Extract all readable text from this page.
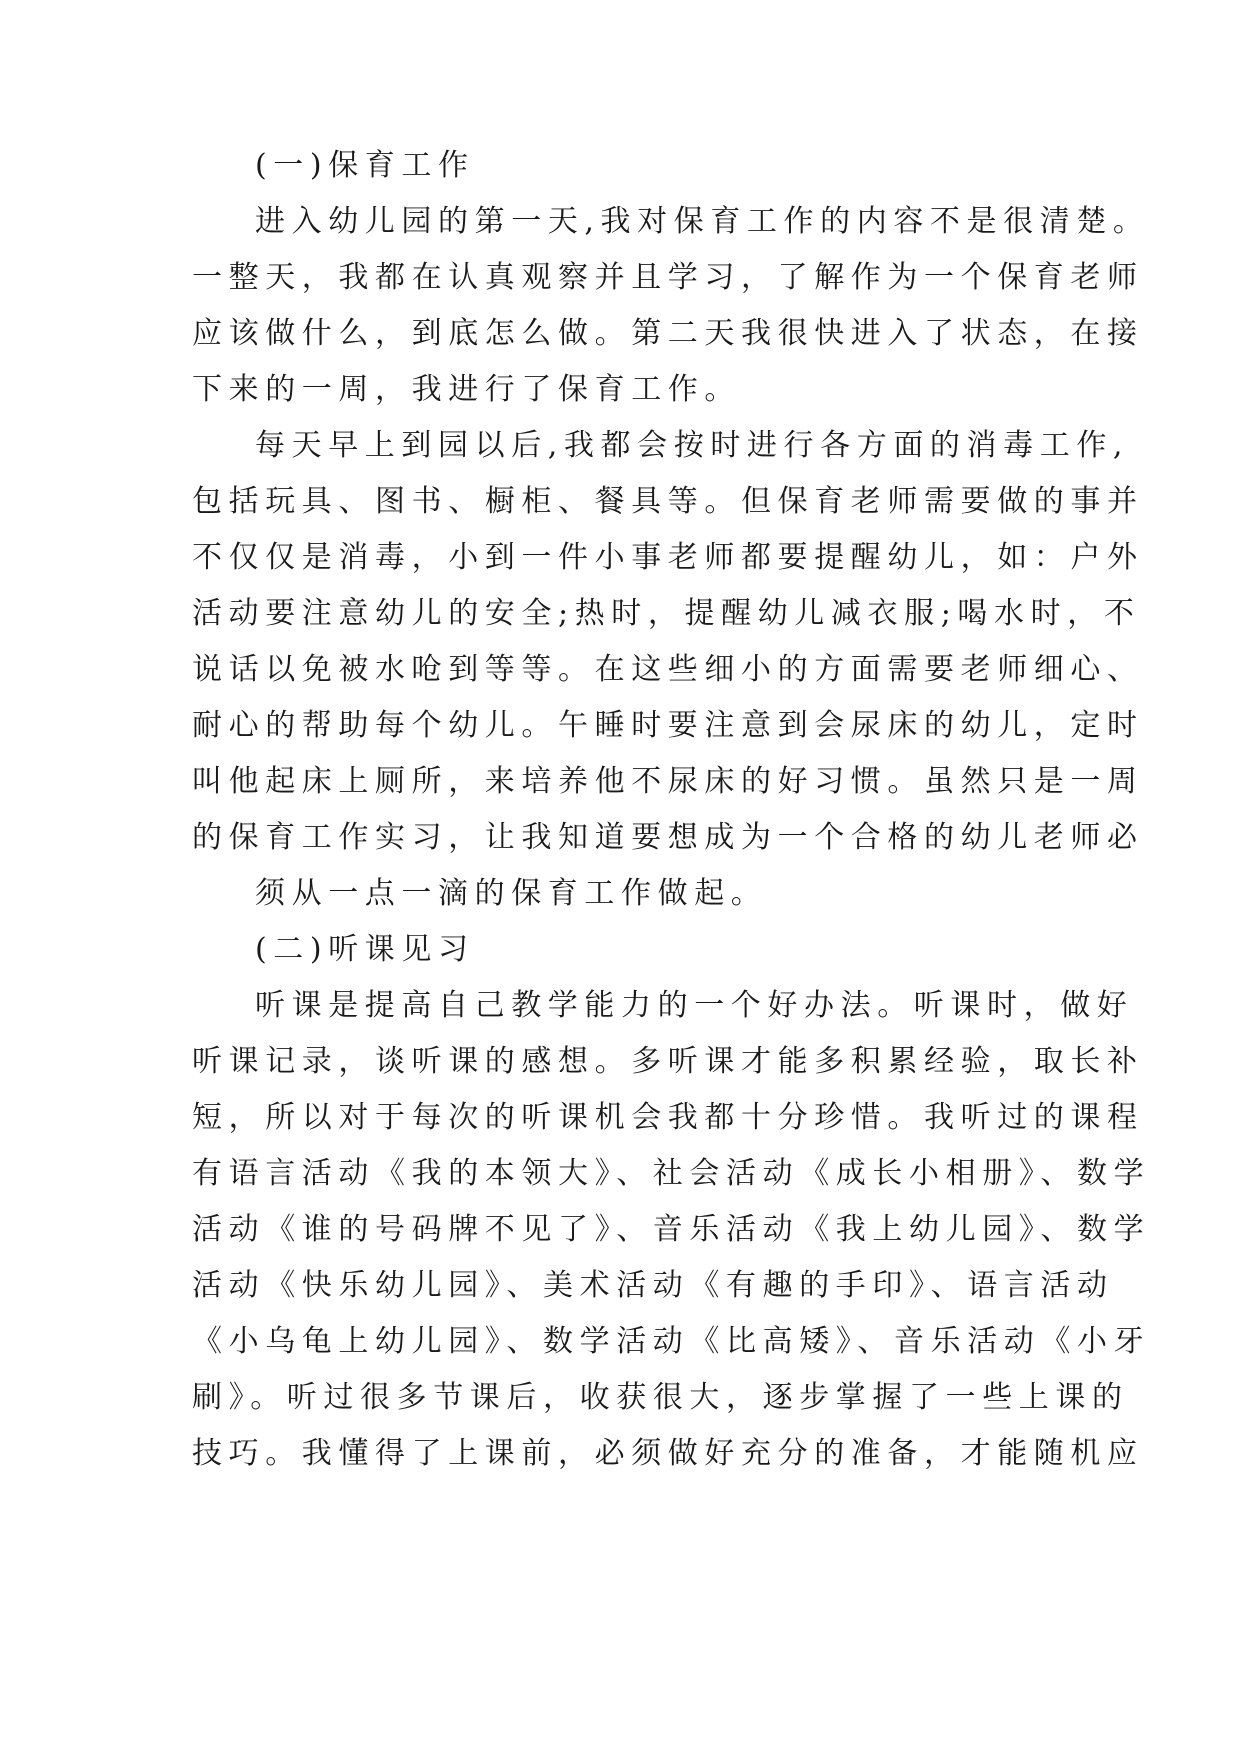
(一)保育工作

进入幼儿园的第一天,我对保育工作的内容不是很清楚。

一整天，我都在认真观察并且学习，了解作为一个保育老师

应该做什么，到底怎么做。第二天我很快进入了状态，在接

下来的一周，我进行了保育工作。

每天早上到园以后,我都会按时进行各方面的消毒工作,

包括玩具、图书、橱柜、餐具等。但保育老师需要做的事并

不仅仅是消毒，小到一件小事老师都要提醒幼儿，如：户外

活动要注意幼儿的安全;热时，提醒幼儿减衣服;喝水时，不

说话以免被水呛到等等。在这些细小的方面需要老师细心、

耐心的帮助每个幼儿。午睡时要注意到会尿床的幼儿，定时

叫他起床上厕所，来培养他不尿床的好习惯。虽然只是一周

的保育工作实习，让我知道要想成为一个合格的幼儿老师必

须从一点一滴的保育工作做起。

(二)听课见习

听课是提高自己教学能力的一个好办法。听课时，做好

听课记录，谈听课的感想。多听课才能多积累经验，取长补

短，所以对于每次的听课机会我都十分珍惜。我听过的课程

有语言活动《我的本领大》、社会活动《成长小相册》、数学

活动《谁的号码牌不见了》、音乐活动《我上幼儿园》、数学

活动《快乐幼儿园》、美术活动《有趣的手印》、语言活动

《小乌龟上幼儿园》、数学活动《比高矮》、音乐活动《小牙

刷》。听过很多节课后，收获很大，逐步掌握了一些上课的

技巧。我懂得了上课前，必须做好充分的准备，才能随机应
